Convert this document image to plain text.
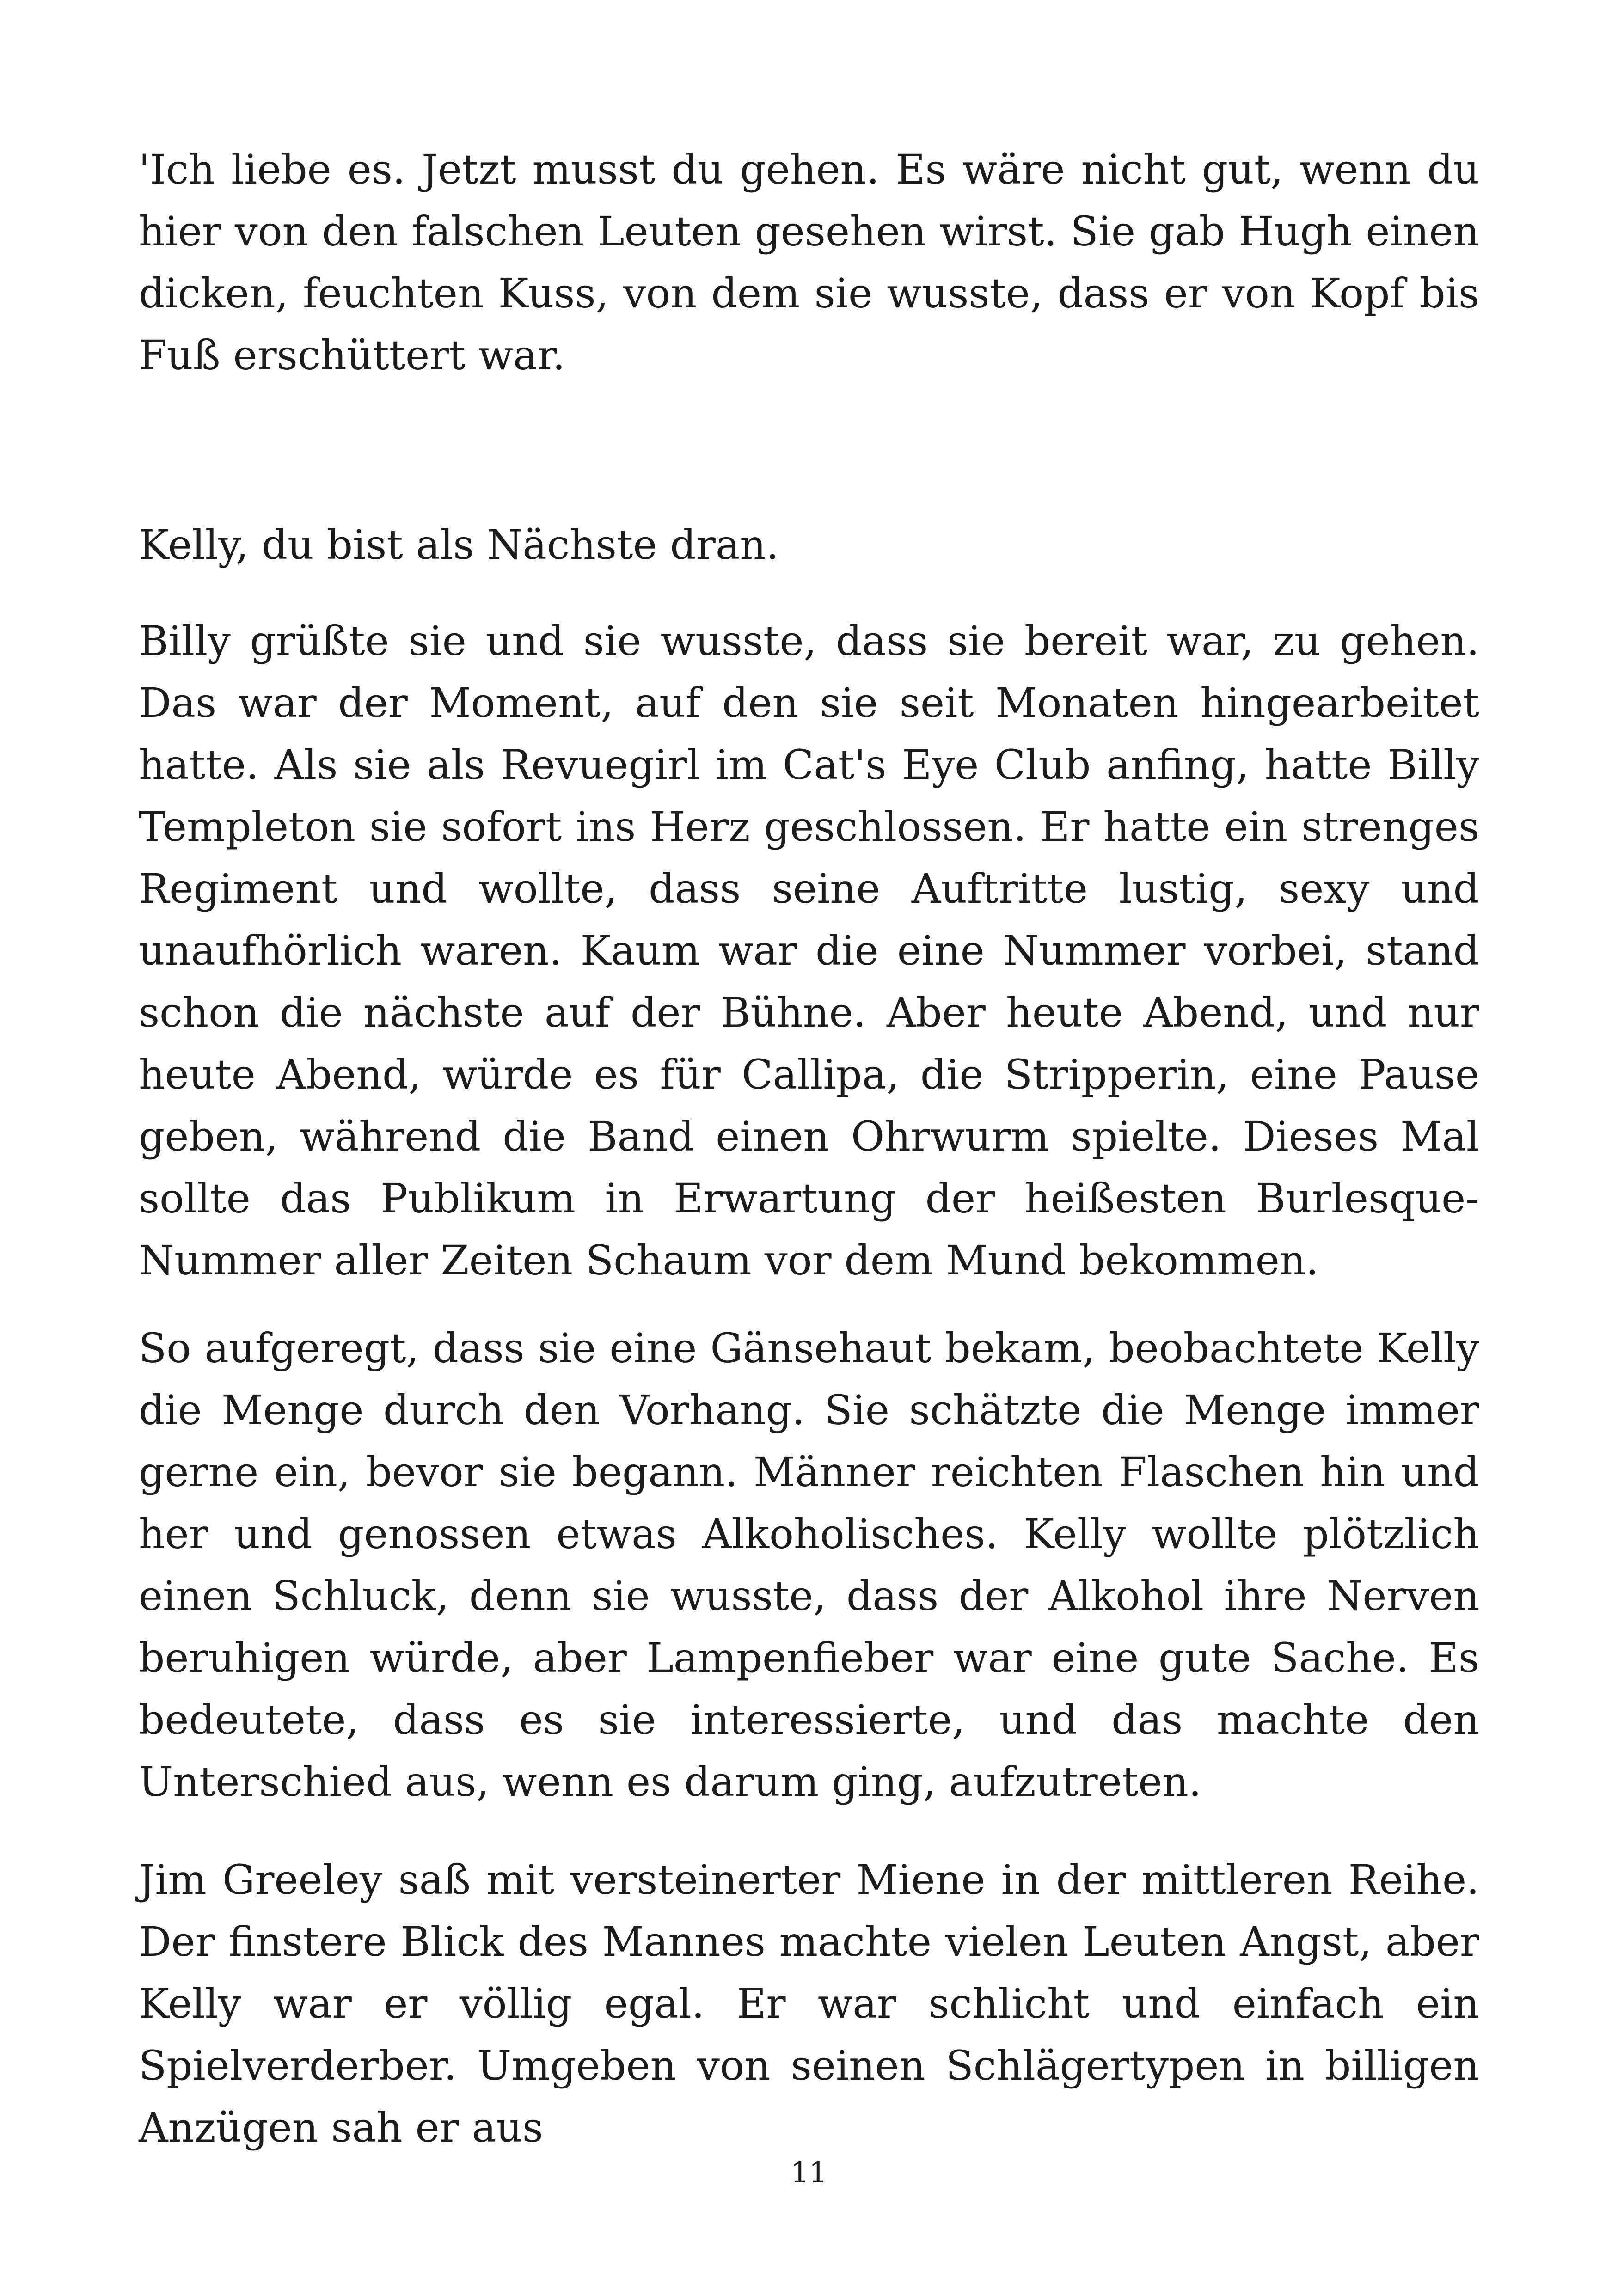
'Ich liebe es. Jetzt musst du gehen. Es wäre nicht gut, wenn du hier von den falschen Leuten gesehen wirst. Sie gab Hugh einen dicken, feuchten Kuss, von dem sie wusste, dass er von Kopf bis Fuß erschüttert war.

Kelly, du bist als Nächste dran.

Billy grüßte sie und sie wusste, dass sie bereit war, zu gehen. Das war der Moment, auf den sie seit Monaten hingearbeitet hatte. Als sie als Revuegirl im Cat's Eye Club anfing, hatte Billy Templeton sie sofort ins Herz geschlossen. Er hatte ein strenges Regiment und wollte, dass seine Auftritte lustig, sexy und unaufhörlich waren. Kaum war die eine Nummer vorbei, stand schon die nächste auf der Bühne. Aber heute Abend, und nur heute Abend, würde es für Callipa, die Stripperin, eine Pause geben, während die Band einen Ohrwurm spielte. Dieses Mal sollte das Publikum in Erwartung der heißesten Burlesque-Nummer aller Zeiten Schaum vor dem Mund bekommen.

So aufgeregt, dass sie eine Gänsehaut bekam, beobachtete Kelly die Menge durch den Vorhang. Sie schätzte die Menge immer gerne ein, bevor sie begann. Männer reichten Flaschen hin und her und genossen etwas Alkoholisches. Kelly wollte plötzlich einen Schluck, denn sie wusste, dass der Alkohol ihre Nerven beruhigen würde, aber Lampenfieber war eine gute Sache. Es bedeutete, dass es sie interessierte, und das machte den Unterschied aus, wenn es darum ging, aufzutreten.

Jim Greeley saß mit versteinerter Miene in der mittleren Reihe. Der finstere Blick des Mannes machte vielen Leuten Angst, aber Kelly war er völlig egal. Er war schlicht und einfach ein Spielverderber. Umgeben von seinen Schlägertypen in billigen Anzügen sah er aus

11
